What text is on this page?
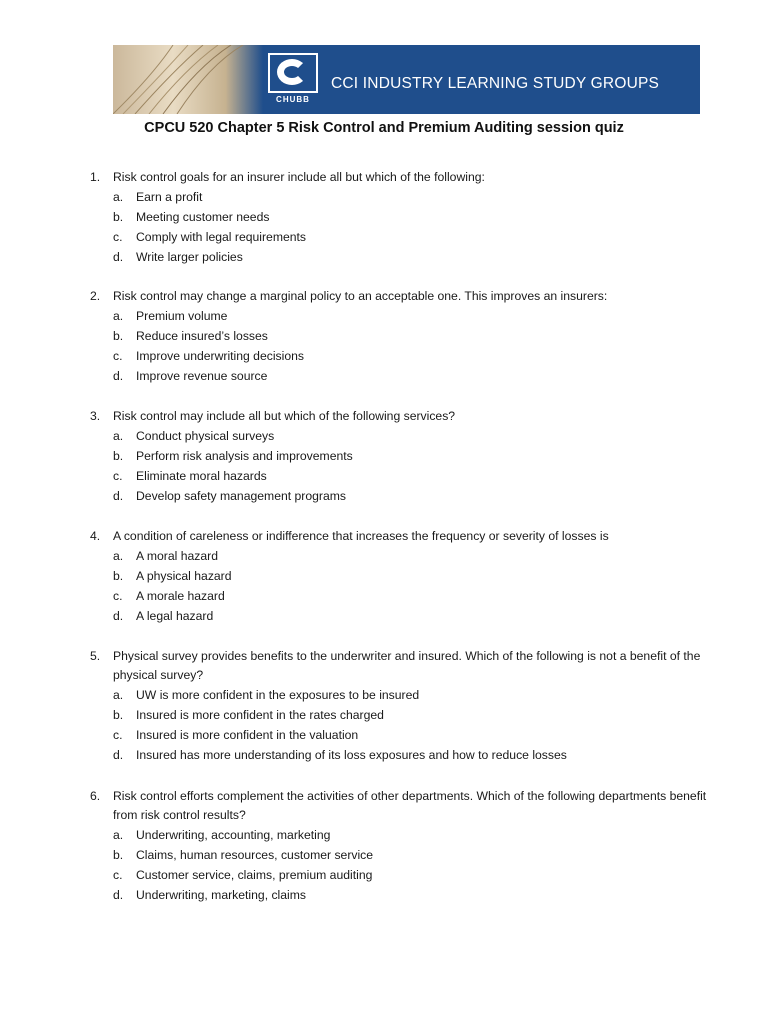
CHUBB
CCI INDUSTRY LEARNING STUDY GROUPS
CPCU 520 Chapter 5 Risk Control and Premium Auditing session quiz
1. Risk control goals for an insurer include all but which of the following:
a. Earn a profit
b. Meeting customer needs
c. Comply with legal requirements
d. Write larger policies
2. Risk control may change a marginal policy to an acceptable one. This improves an insurers:
a. Premium volume
b. Reduce insured’s losses
c. Improve underwriting decisions
d. Improve revenue source
3. Risk control may include all but which of the following services?
a. Conduct physical surveys
b. Perform risk analysis and improvements
c. Eliminate moral hazards
d. Develop safety management programs
4. A condition of careleness or indifference that increases the frequency or severity of losses is
a. A moral hazard
b. A physical hazard
c. A morale hazard
d. A legal hazard
5. Physical survey provides benefits to the underwriter and insured. Which of the following is not a benefit of the physical survey?
a. UW is more confident in the exposures to be insured
b. Insured is more confident in the rates charged
c. Insured is more confident in the valuation
d. Insured has more understanding of its loss exposures and how to reduce losses
6. Risk control efforts complement the activities of other departments. Which of the following departments benefit from risk control results?
a. Underwriting, accounting, marketing
b. Claims, human resources, customer service
c. Customer service, claims, premium auditing
d. Underwriting, marketing, claims
